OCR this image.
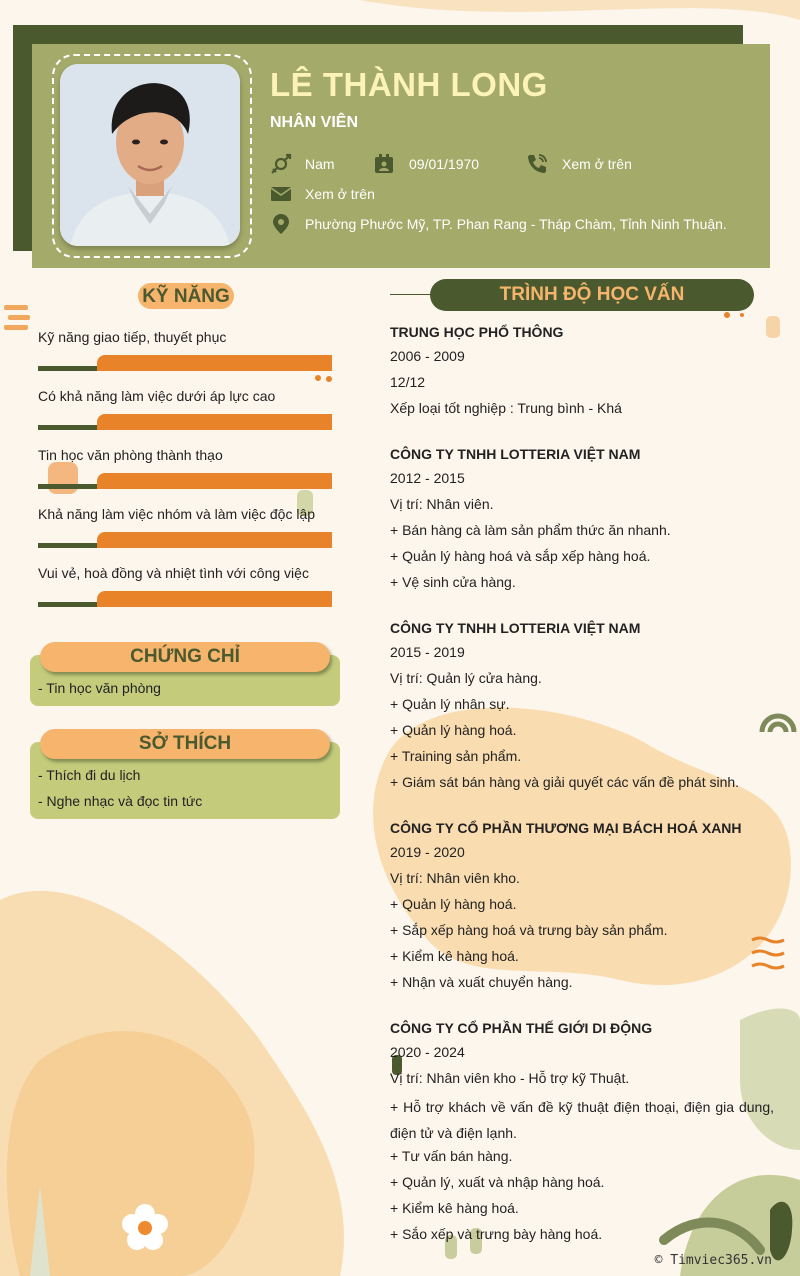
LÊ THÀNH LONG
NHÂN VIÊN
Nam	09/01/1970	Xem ở trên
Xem ở trên
Phường Phước Mỹ, TP. Phan Rang - Tháp Chàm, Tỉnh Ninh Thuận.
KỸ NĂNG
Kỹ năng giao tiếp, thuyết phục
Có khả năng làm việc dưới áp lực cao
Tin học văn phòng thành thạo
Khả năng làm việc nhóm và làm việc độc lập
Vui vẻ, hoà đồng và nhiệt tình với công việc
CHỨNG CHỈ
- Tin học văn phòng
SỞ THÍCH
- Thích đi du lịch
- Nghe nhạc và đọc tin tức
TRÌNH ĐỘ HỌC VẤN
TRUNG HỌC PHỔ THÔNG
2006 - 2009
12/12
Xếp loại tốt nghiệp : Trung bình - Khá
CÔNG TY TNHH LOTTERIA VIỆT NAM
2012 - 2015
Vị trí: Nhân viên.
+ Bán hàng cà làm sản phẩm thức ăn nhanh.
+ Quản lý hàng hoá và sắp xếp hàng hoá.
+ Vệ sinh cửa hàng.
CÔNG TY TNHH LOTTERIA VIỆT NAM
2015 - 2019
Vị trí: Quản lý cửa hàng.
+ Quản lý nhân sự.
+ Quản lý hàng hoá.
+ Training sản phẩm.
+ Giám sát bán hàng và giải quyết các vấn đề phát sinh.
CÔNG TY CỔ PHẦN THƯƠNG MẠI BÁCH HOÁ XANH
2019 - 2020
Vị trí: Nhân viên kho.
+ Quản lý hàng hoá.
+ Sắp xếp hàng hoá và trưng bày sản phẩm.
+ Kiểm kê hàng hoá.
+ Nhận và xuất chuyển hàng.
CÔNG TY CỔ PHẦN THẾ GIỚI DI ĐỘNG
2020 - 2024
Vị trí: Nhân viên kho - Hỗ trợ kỹ Thuật.
+ Hỗ trợ khách về vấn đề kỹ thuật điện thoại, điện gia dung, điện tử và điện lạnh.
+ Tư vấn bán hàng.
+ Quản lý, xuất và nhập hàng hoá.
+ Kiểm kê hàng hoá.
+ Sắo xếp và trưng bày hàng hoá.
© Timviec365.vn
